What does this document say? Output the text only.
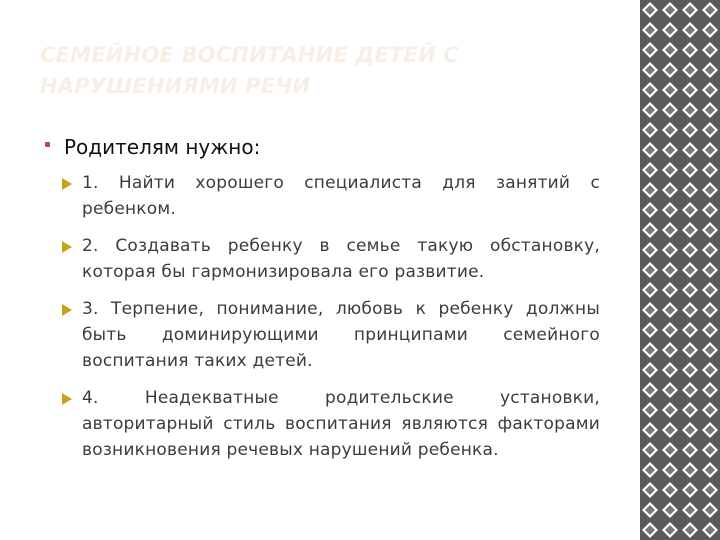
СЕМЕЙНОЕ ВОСПИТАНИЕ ДЕТЕЙ С НАРУШЕНИЯМИ РЕЧИ
Родителям нужно:
1. Найти хорошего специалиста для занятий с ребенком.
2. Создавать ребенку в семье такую обстановку, которая бы гармонизировала его развитие.
3. Терпение, понимание, любовь к ребенку должны быть доминирующими принципами семейного воспитания таких детей.
4. Неадекватные родительские установки, авторитарный стиль воспитания являются факторами возникновения речевых нарушений ребенка.
